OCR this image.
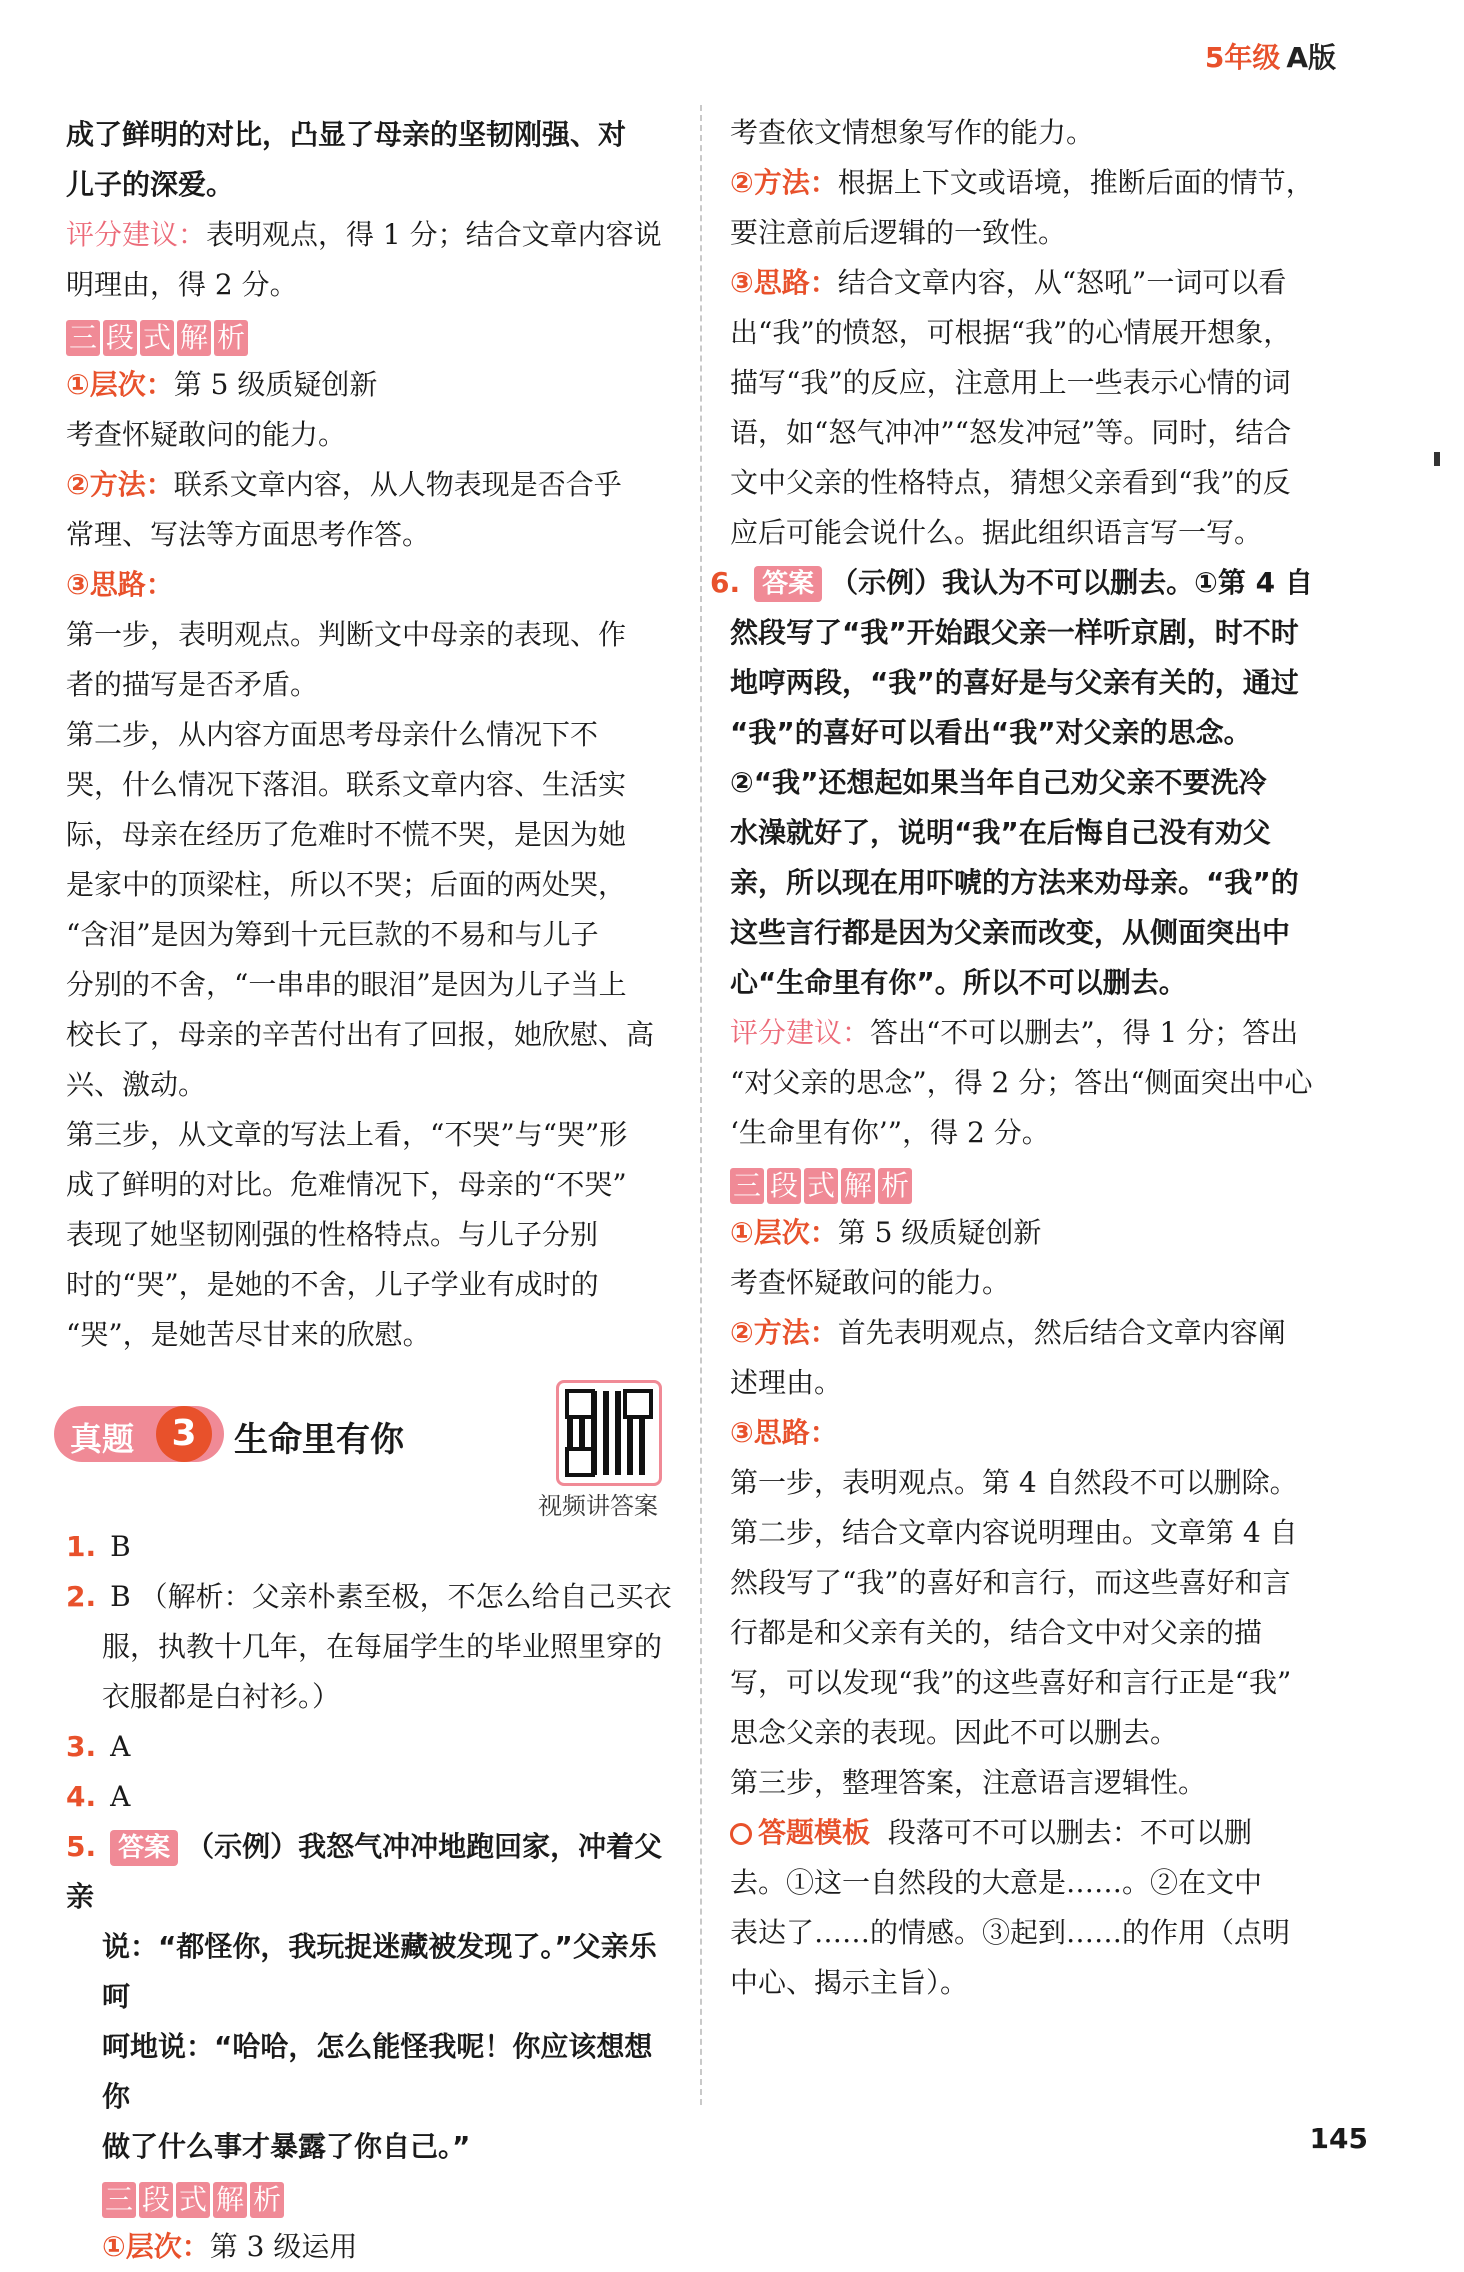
5年级 A版

成了鲜明的对比，凸显了母亲的坚韧刚强、对

儿子的深爱。

评分建议：表明观点，得 1 分；结合文章内容说

明理由，得 2 分。

三 段 式 解 析

①层次：第 5 级质疑创新

考查怀疑敢问的能力。

②方法：联系文章内容，从人物表现是否合乎

常理、写法等方面思考作答。

③思路：

第一步，表明观点。判断文中母亲的表现、作

者的描写是否矛盾。

第二步，从内容方面思考母亲什么情况下不

哭，什么情况下落泪。联系文章内容、生活实

际，母亲在经历了危难时不慌不哭，是因为她

是家中的顶梁柱，所以不哭；后面的两处哭，

“含泪”是因为筹到十元巨款的不易和与儿子

分别的不舍，“一串串的眼泪”是因为儿子当上

校长了，母亲的辛苦付出有了回报，她欣慰、高

兴、激动。

第三步，从文章的写法上看，“不哭”与“哭”形

成了鲜明的对比。危难情况下，母亲的“不哭”

表现了她坚韧刚强的性格特点。与儿子分别

时的“哭”，是她的不舍，儿子学业有成时的

“哭”，是她苦尽甘来的欣慰。

真题	3	生命里有你
视频讲答案

1. B

2. B （解析：父亲朴素至极，不怎么给自己买衣

服，执教十几年，在每届学生的毕业照里穿的

衣服都是白衬衫。）

3. A

4. A

5. 答案 （示例）我怒气冲冲地跑回家，冲着父亲

说：“都怪你，我玩捉迷藏被发现了。”父亲乐呵

呵地说：“哈哈，怎么能怪我呢！你应该想想你

做了什么事才暴露了你自己。”

三 段 式 解 析

①层次：第 3 级运用

考查依文情想象写作的能力。

②方法：根据上下文或语境，推断后面的情节，

要注意前后逻辑的一致性。

③思路：结合文章内容，从“怒吼”一词可以看

出“我”的愤怒，可根据“我”的心情展开想象，

描写“我”的反应，注意用上一些表示心情的词

语，如“怒气冲冲”“怒发冲冠”等。同时，结合

文中父亲的性格特点，猜想父亲看到“我”的反

应后可能会说什么。据此组织语言写一写。

6. 答案 （示例）我认为不可以删去。①第 4 自

然段写了“我”开始跟父亲一样听京剧，时不时

地哼两段，“我”的喜好是与父亲有关的，通过

“我”的喜好可以看出“我”对父亲的思念。

②“我”还想起如果当年自己劝父亲不要洗冷

水澡就好了，说明“我”在后悔自己没有劝父

亲，所以现在用吓唬的方法来劝母亲。“我”的

这些言行都是因为父亲而改变，从侧面突出中

心“生命里有你”。所以不可以删去。

评分建议：答出“不可以删去”，得 1 分；答出

“对父亲的思念”，得 2 分；答出“侧面突出中心

‘生命里有你’”，得 2 分。

三 段 式 解 析

①层次：第 5 级质疑创新

考查怀疑敢问的能力。

②方法：首先表明观点，然后结合文章内容阐

述理由。

③思路：

第一步，表明观点。第 4 自然段不可以删除。

第二步，结合文章内容说明理由。文章第 4 自

然段写了“我”的喜好和言行，而这些喜好和言

行都是和父亲有关的，结合文中对父亲的描

写，可以发现“我”的这些喜好和言行正是“我”

思念父亲的表现。因此不可以删去。

第三步，整理答案，注意语言逻辑性。

答题模板 段落可不可以删去：不可以删

去。①这一自然段的大意是……。②在文中

表达了……的情感。③起到……的作用（点明

中心、揭示主旨）。

145
